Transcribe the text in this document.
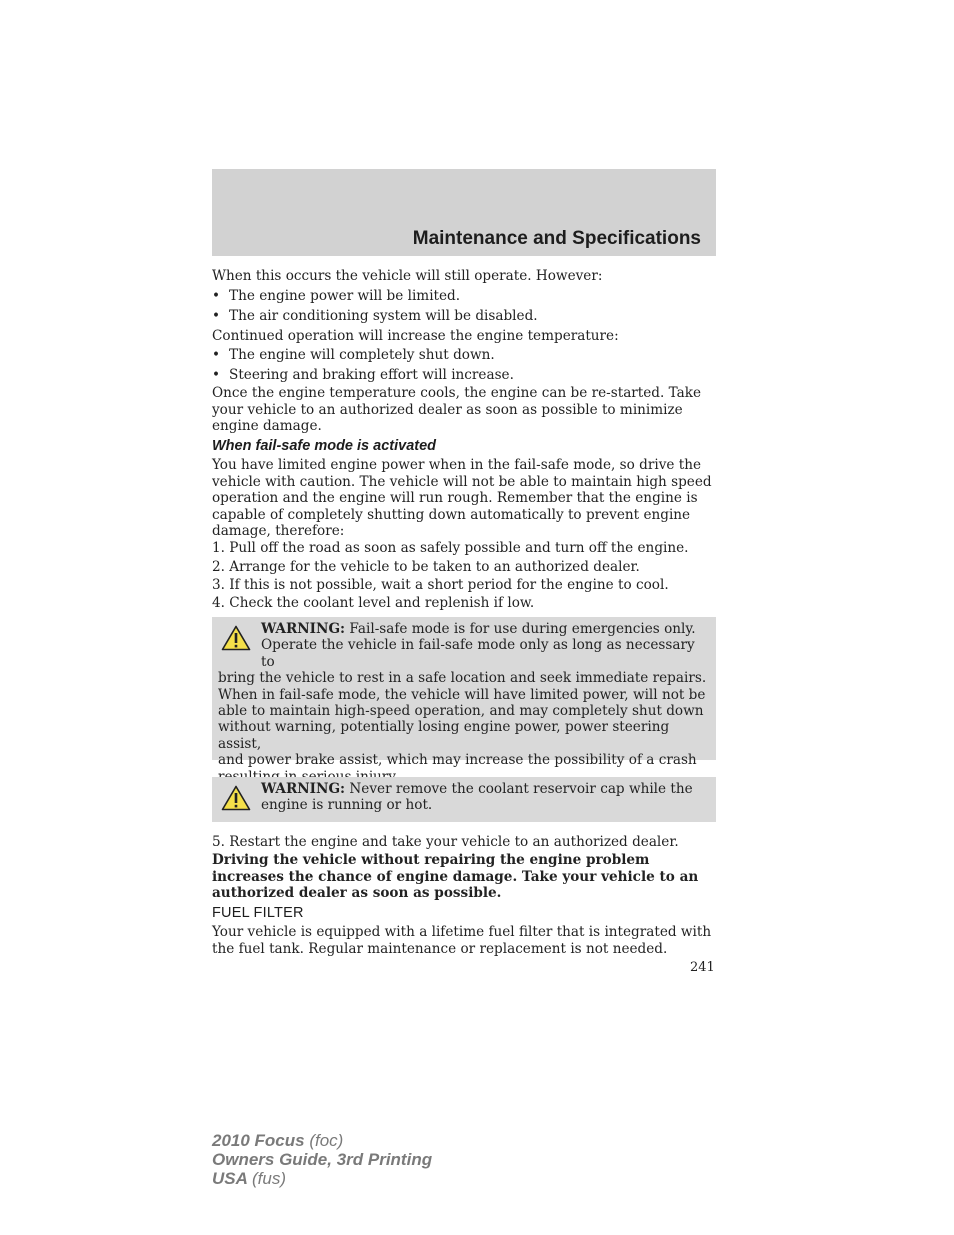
Maintenance and Specifications
When this occurs the vehicle will still operate. However:
• The engine power will be limited.
• The air conditioning system will be disabled.
Continued operation will increase the engine temperature:
• The engine will completely shut down.
• Steering and braking effort will increase.
Once the engine temperature cools, the engine can be re-started. Take
your vehicle to an authorized dealer as soon as possible to minimize
engine damage.
When fail-safe mode is activated
You have limited engine power when in the fail-safe mode, so drive the
vehicle with caution. The vehicle will not be able to maintain high speed
operation and the engine will run rough. Remember that the engine is
capable of completely shutting down automatically to prevent engine
damage, therefore:
1. Pull off the road as soon as safely possible and turn off the engine.
2. Arrange for the vehicle to be taken to an authorized dealer.
3. If this is not possible, wait a short period for the engine to cool.
4. Check the coolant level and replenish if low.
WARNING: Fail-safe mode is for use during emergencies only.
Operate the vehicle in fail-safe mode only as long as necessary to
bring the vehicle to rest in a safe location and seek immediate repairs.
When in fail-safe mode, the vehicle will have limited power, will not be
able to maintain high-speed operation, and may completely shut down
without warning, potentially losing engine power, power steering assist,
and power brake assist, which may increase the possibility of a crash
WARNING: Never remove the coolant reservoir cap while the
engine is running or hot.
5. Restart the engine and take your vehicle to an authorized dealer.
Driving the vehicle without repairing the engine problem
increases the chance of engine damage. Take your vehicle to an
authorized dealer as soon as possible.
FUEL FILTER
Your vehicle is equipped with a lifetime fuel filter that is integrated with
the fuel tank. Regular maintenance or replacement is not needed.
241
2010 Focus (foc)
Owners Guide, 3rd Printing
USA (fus)
